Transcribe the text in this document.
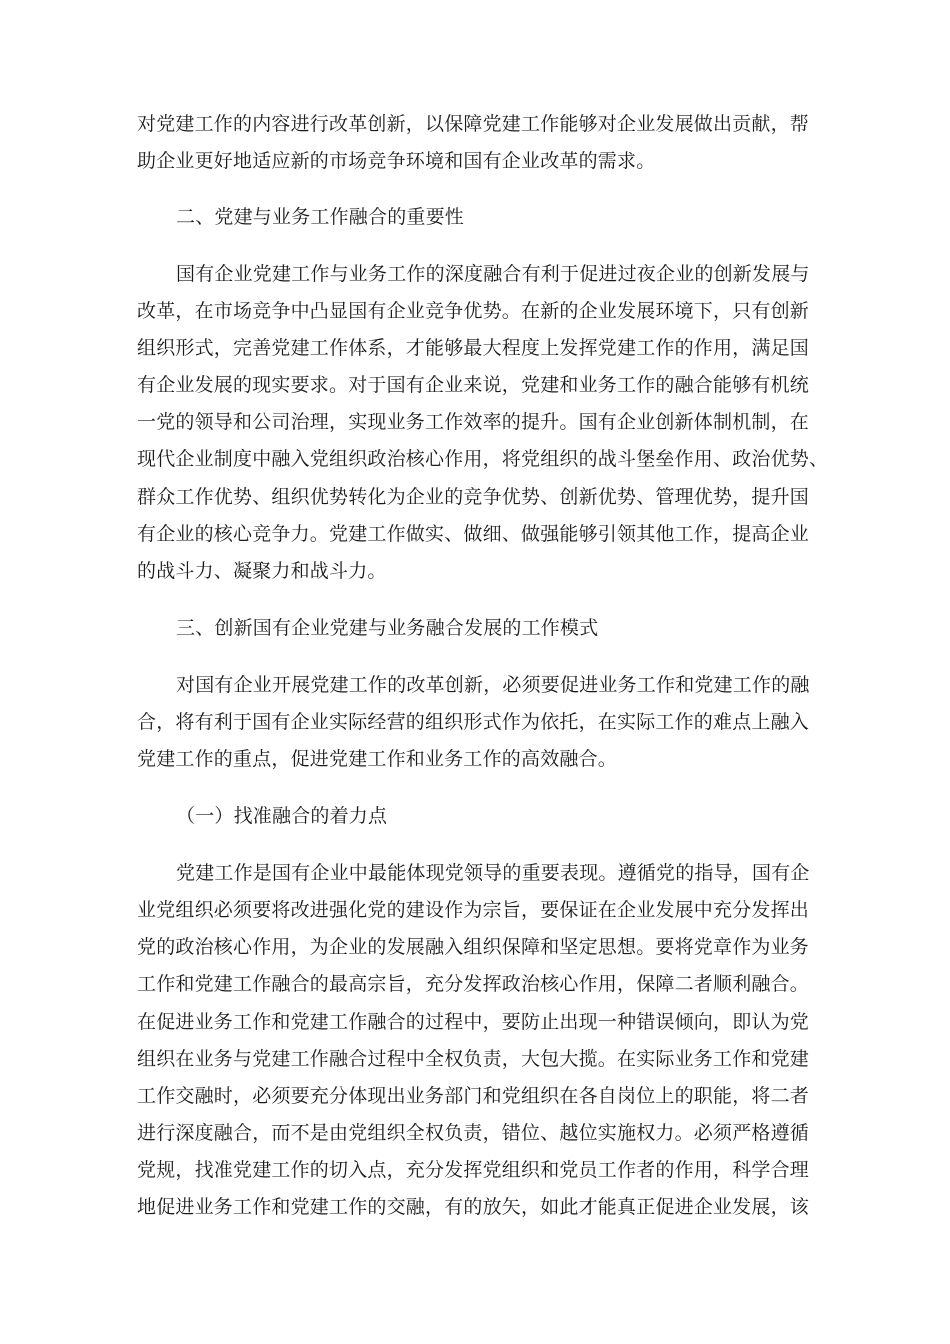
对党建工作的内容进行改革创新，以保障党建工作能够对企业发展做出贡献，帮
助企业更好地适应新的市场竞争环境和国有企业改革的需求。
二、党建与业务工作融合的重要性
国有企业党建工作与业务工作的深度融合有利于促进过夜企业的创新发展与
改革，在市场竞争中凸显国有企业竞争优势。在新的企业发展环境下，只有创新
组织形式，完善党建工作体系，才能够最大程度上发挥党建工作的作用，满足国
有企业发展的现实要求。对于国有企业来说，党建和业务工作的融合能够有机统
一党的领导和公司治理，实现业务工作效率的提升。国有企业创新体制机制，在
现代企业制度中融入党组织政治核心作用，将党组织的战斗堡垒作用、政治优势、
群众工作优势、组织优势转化为企业的竞争优势、创新优势、管理优势，提升国
有企业的核心竞争力。党建工作做实、做细、做强能够引领其他工作，提高企业
的战斗力、凝聚力和战斗力。
三、创新国有企业党建与业务融合发展的工作模式
对国有企业开展党建工作的改革创新，必须要促进业务工作和党建工作的融
合，将有利于国有企业实际经营的组织形式作为依托，在实际工作的难点上融入
党建工作的重点，促进党建工作和业务工作的高效融合。
（一）找准融合的着力点
党建工作是国有企业中最能体现党领导的重要表现。遵循党的指导，国有企
业党组织必须要将改进强化党的建设作为宗旨，要保证在企业发展中充分发挥出
党的政治核心作用，为企业的发展融入组织保障和坚定思想。要将党章作为业务
工作和党建工作融合的最高宗旨，充分发挥政治核心作用，保障二者顺利融合。
在促进业务工作和党建工作融合的过程中，要防止出现一种错误倾向，即认为党
组织在业务与党建工作融合过程中全权负责，大包大揽。在实际业务工作和党建
工作交融时，必须要充分体现出业务部门和党组织在各自岗位上的职能，将二者
进行深度融合，而不是由党组织全权负责，错位、越位实施权力。必须严格遵循
党规，找准党建工作的切入点，充分发挥党组织和党员工作者的作用，科学合理
地促进业务工作和党建工作的交融，有的放矢，如此才能真正促进企业发展，该
